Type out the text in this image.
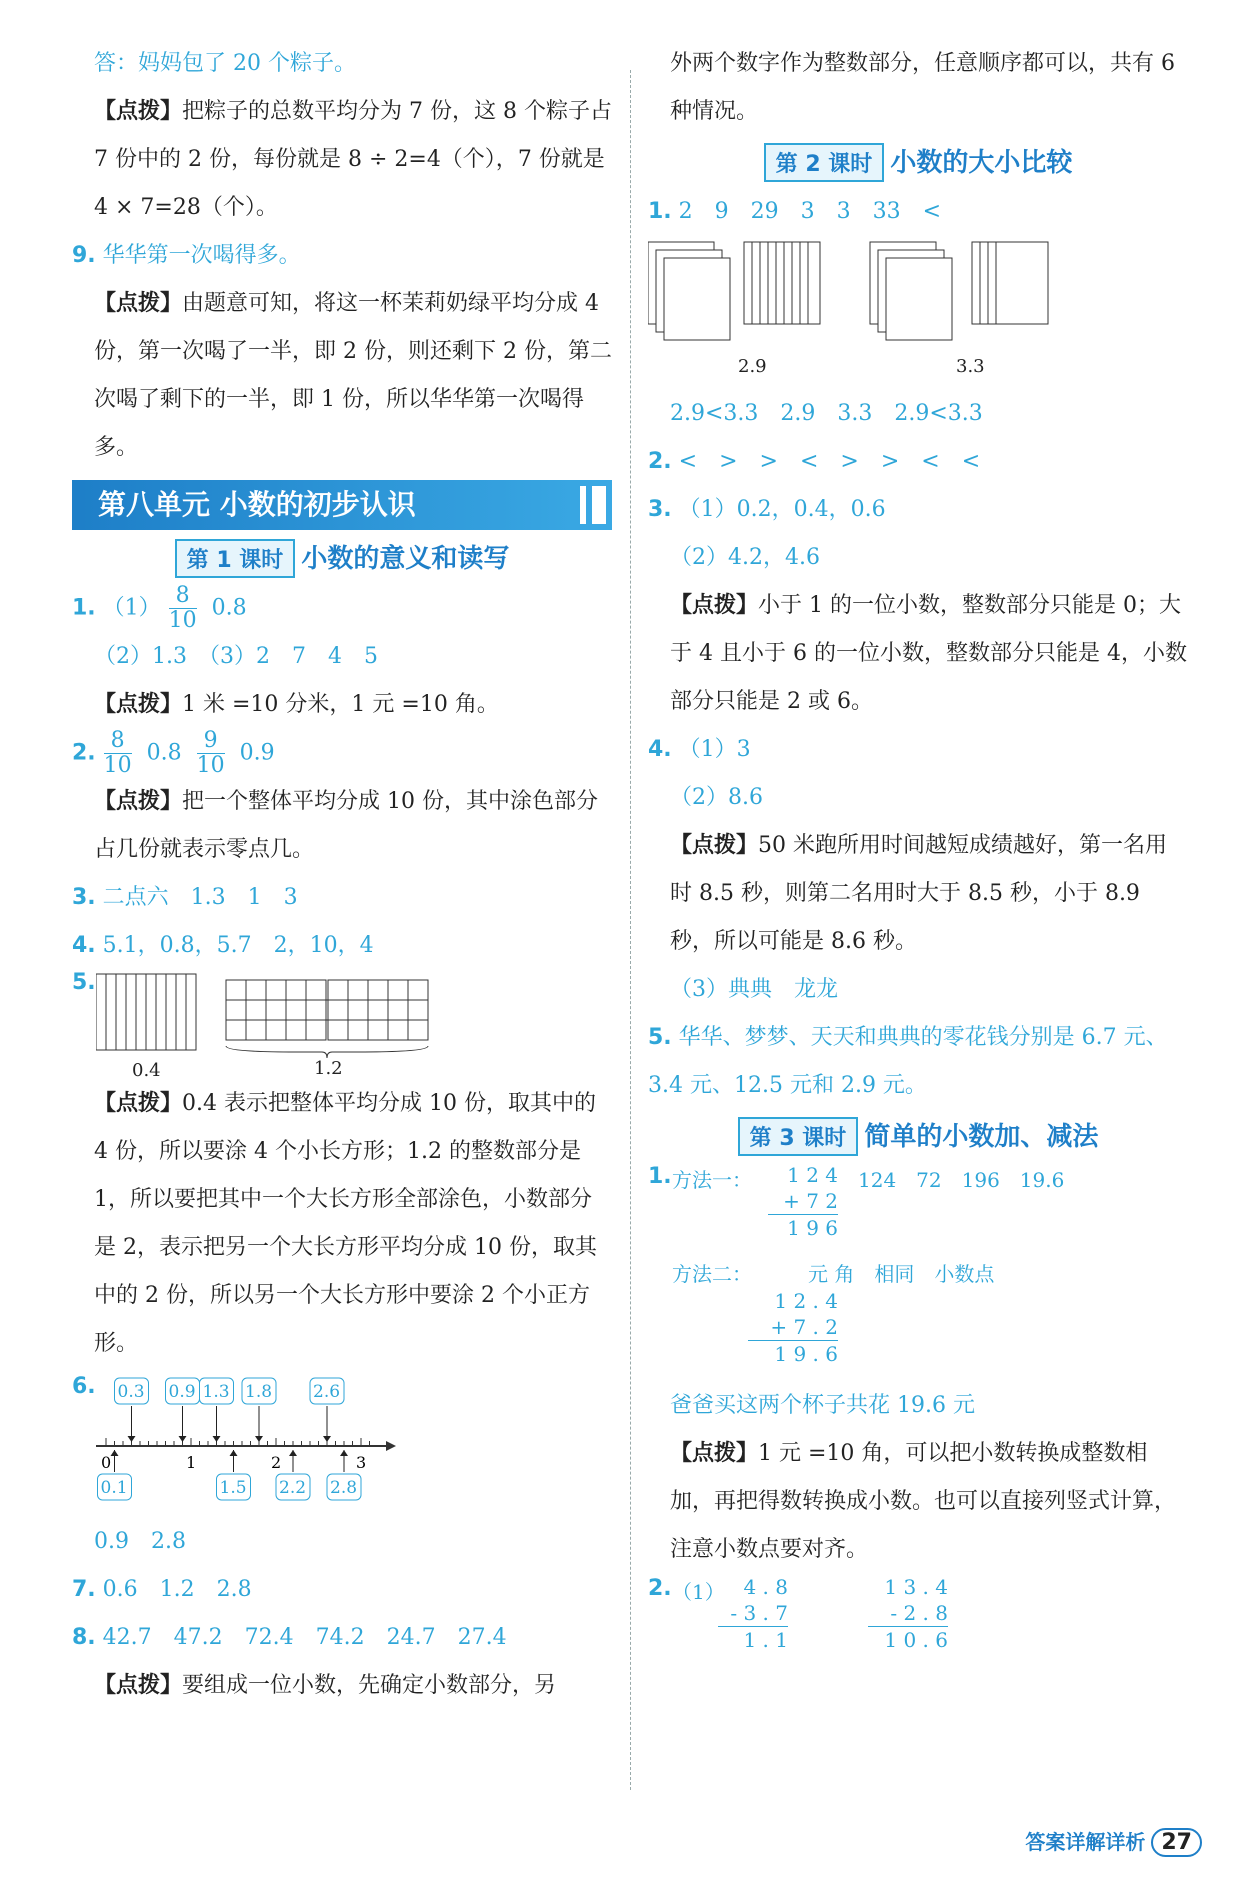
答：妈妈包了 20 个粽子。

【点拨】把粽子的总数平均分为 7 份，这 8 个粽子占 7 份中的 2 份，每份就是 8 ÷ 2=4（个），7 份就是 4 × 7=28（个）。

9. 华华第一次喝得多。

【点拨】由题意可知，将这一杯茉莉奶绿平均分成 4 份，第一次喝了一半，即 2 份，则还剩下 2 份，第二次喝了剩下的一半，即 1 份，所以华华第一次喝得多。

第八单元 小数的初步认识
第 1 课时 小数的意义和读写

1. $(1) \frac{8}{10} 0.8$

（2）1.3　（3）2　7　4　5

【点拨】1 米 =10 分米，1 元 =10 角。

2. $\frac{8}{10} 0.8 \frac{9}{10} 0.9$

【点拨】把一个整体平均分成 10 份，其中涂色部分占几份就表示零点几。

3. 二点六　1.3　1　3

4. 5.1，0.8，5.7　2，10，4

5.
0.4	1.2

【点拨】0.4 表示把整体平均分成 10 份，取其中的 4 份，所以要涂 4 个小长方形；1.2 的整数部分是 1，所以要把其中一个大长方形全部涂色，小数部分是 2，表示把另一个大长方形平均分成 10 份，取其中的 2 份，所以另一个大长方形中要涂 2 个小正方形。

6.
0	1	2	3
0.3 0.9 1.3 1.8 2.6
0.1	1.5 2.2 2.8

0.9　2.8

7. 0.6　1.2　2.8

8. 42.7　47.2　72.4　74.2　24.7　27.4

【点拨】要组成一位小数，先确定小数部分，另

外两个数字作为整数部分，任意顺序都可以，共有 6 种情况。

第 2 课时 小数的大小比较

1. 2　9　29　3　3　33　<

2.9	3.3

2.9<3.3　2.9　3.3　2.9<3.3

2. <　>　>　<　>　>　<　<

3. （1）0.2，0.4，0.6

（2）4.2，4.6

【点拨】小于 1 的一位小数，整数部分只能是 0；大于 4 且小于 6 的一位小数，整数部分只能是 4，小数部分只能是 2 或 6。

4. （1）3

（2）8.6

【点拨】50 米跑所用时间越短成绩越好，第一名用时 8.5 秒，则第二名用时大于 8.5 秒，小于 8.9 秒，所以可能是 8.6 秒。

（3）典典　龙龙

5. 华华、梦梦、天天和典典的零花钱分别是 6.7 元、3.4 元、12.5 元和 2.9 元。

第 3 课时 简单的小数加、减法
1. 方法一：	1 2 4
+ 7 2
1 9 6
124　72　196　19.6
方法二：	元 角　相同　小数点
1 2 . 4
+ 7 . 2
1 9 . 6

爸爸买这两个杯子共花 19.6 元

【点拨】1 元 =10 角，可以把小数转换成整数相加，再把得数转换成小数。也可以直接列竖式计算，注意小数点要对齐。

2. （1） 4 . 8
- 3 . 7
1 . 1
1 3 . 4
- 2 . 8
1 0 . 6
答案详解详析 27
